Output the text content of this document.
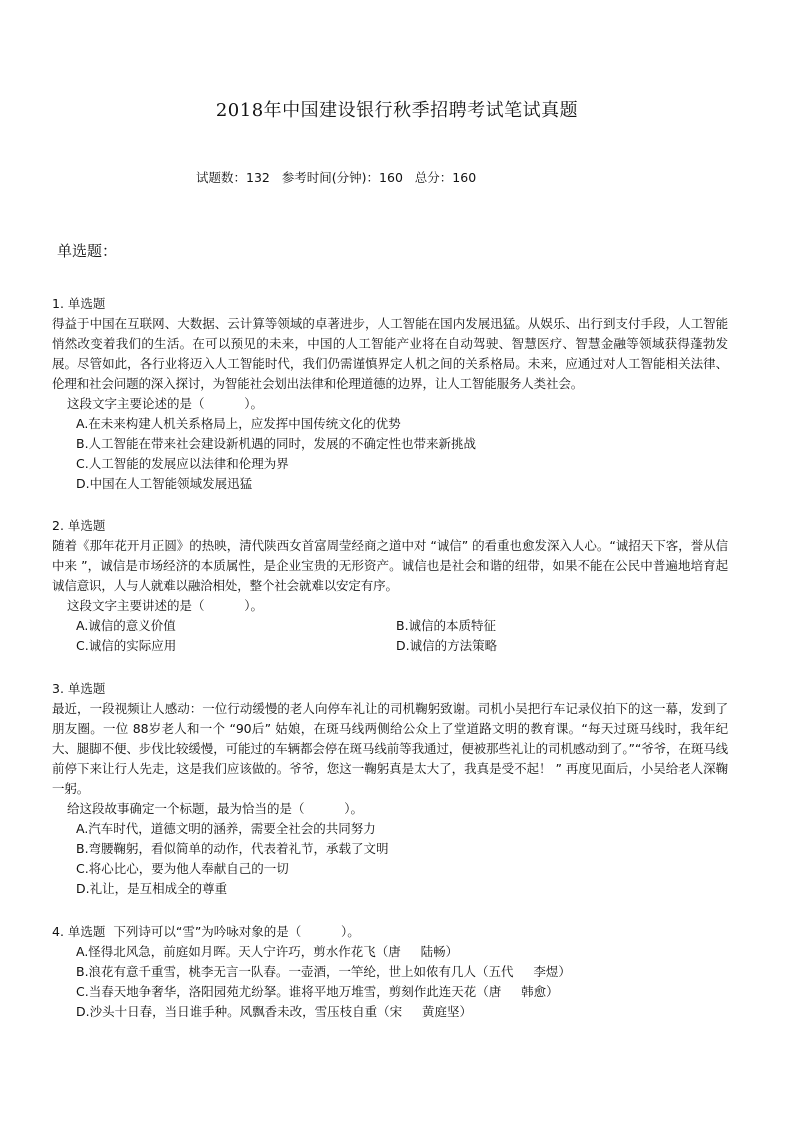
2018年中国建设银行秋季招聘考试笔试真题
试题数：132   参考时间(分钟)：160   总分：160
单选题：
1. 单选题
得益于中国在互联网、大数据、云计算等领域的卓著进步，人工智能在国内发展迅猛。从娱乐、出行到支付手段，人工智能悄然改变着我们的生活。在可以预见的未来，中国的人工智能产业将在自动驾驶、智慧医疗、智慧金融等领域获得蓬勃发展。尽管如此，各行业将迈入人工智能时代，我们仍需谨慎界定人机之间的关系格局。未来，应通过对人工智能相关法律、伦理和社会问题的深入探讨，为智能社会划出法律和伦理道德的边界，让人工智能服务人类社会。
这段文字主要论述的是（          ）。
A.在未来构建人机关系格局上，应发挥中国传统文化的优势
B.人工智能在带来社会建设新机遇的同时，发展的不确定性也带来新挑战
C.人工智能的发展应以法律和伦理为界
D.中国在人工智能领域发展迅猛
2. 单选题
随着《那年花开月正圆》的热映，清代陕西女首富周莹经商之道中对 “诚信” 的看重也愈发深入人心。“诚招天下客，誉从信中来 ”，诚信是市场经济的本质属性，是企业宝贵的无形资产。诚信也是社会和谐的纽带，如果不能在公民中普遍地培育起诚信意识，人与人就难以融洽相处，整个社会就难以安定有序。
这段文字主要讲述的是（          ）。
A.诚信的意义价值	B.诚信的本质特征
C.诚信的实际应用	D.诚信的方法策略
3. 单选题
最近，一段视频让人感动：一位行动缓慢的老人向停车礼让的司机鞠躬致谢。司机小吴把行车记录仪拍下的这一幕，发到了朋友圈。一位 88岁老人和一个 “90后” 姑娘，在斑马线两侧给公众上了堂道路文明的教育课。“每天过斑马线时，我年纪大、腿脚不便、步伐比较缓慢，可能过的车辆都会停在斑马线前等我通过，便被那些礼让的司机感动到了。”“爷爷，在斑马线前停下来让行人先走，这是我们应该做的。爷爷，您这一鞠躬真是太大了，我真是受不起！ ” 再度见面后，小吴给老人深鞠一躬。
给这段故事确定一个标题，最为恰当的是（          ）。
A.汽车时代，道德文明的涵养，需要全社会的共同努力
B.弯腰鞠躬，看似简单的动作，代表着礼节，承载了文明
C.将心比心，要为他人奉献自己的一切
D.礼让，是互相成全的尊重
4. 单选题  下列诗可以“雪”为吟咏对象的是（          ）。
A.怪得北风急，前庭如月晖。天人宁许巧，剪水作花飞（唐     陆畅）
B.浪花有意千重雪，桃李无言一队春。一壶酒，一竿纶，世上如侬有几人（五代     李煜）
C.当春天地争奢华，洛阳园苑尤纷拏。谁将平地万堆雪，剪刻作此连天花（唐     韩愈）
D.沙头十日春，当日谁手种。风飘香未改，雪压枝自重（宋     黄庭坚）
